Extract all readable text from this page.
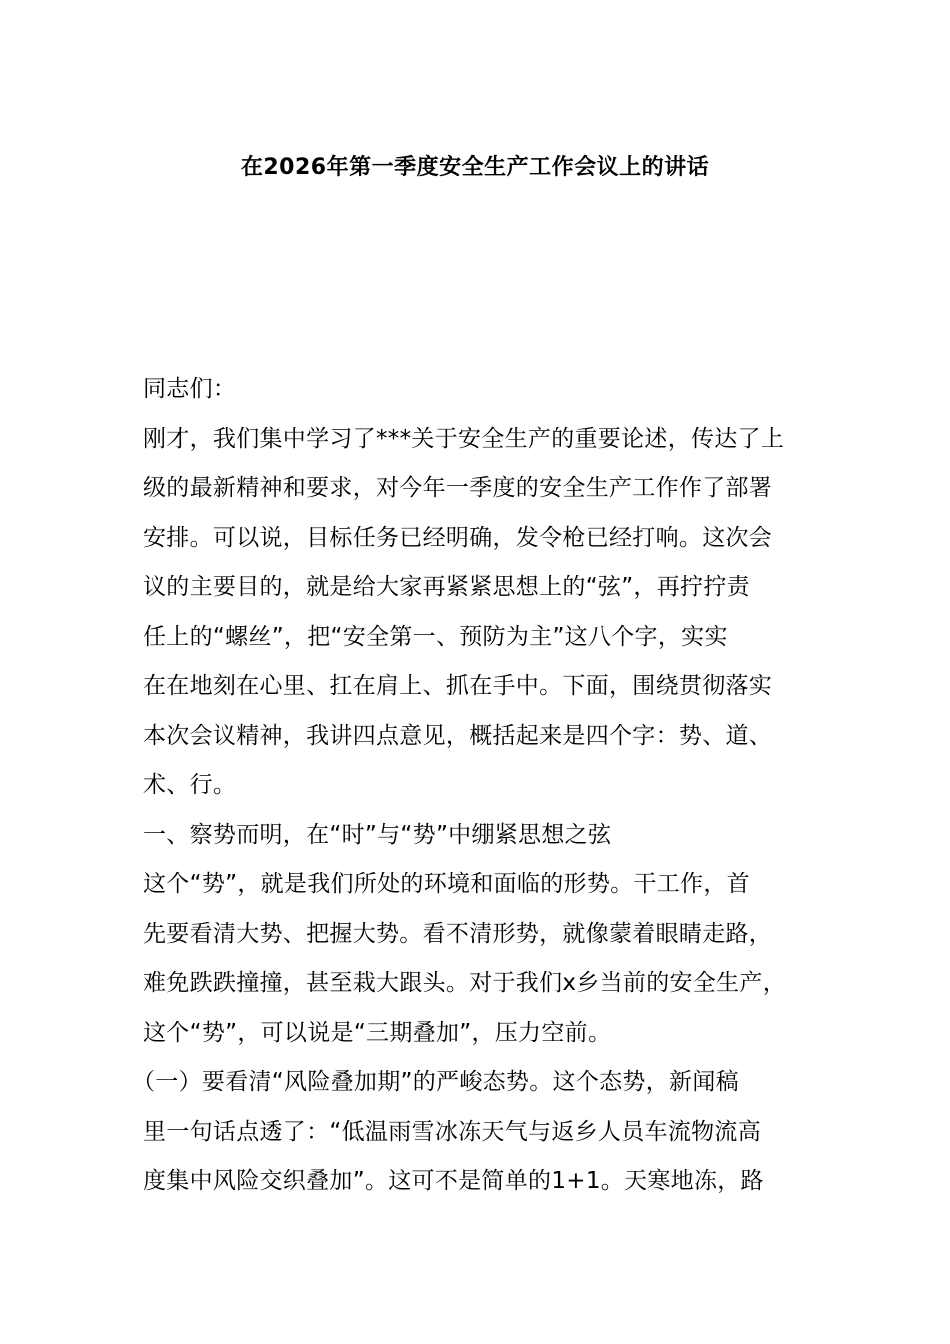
在2026年第一季度安全生产工作会议上的讲话
同志们：
刚才，我们集中学习了***关于安全生产的重要论述，传达了上
级的最新精神和要求，对今年一季度的安全生产工作作了部署
安排。可以说，目标任务已经明确，发令枪已经打响。这次会
议的主要目的，就是给大家再紧紧思想上的“弦”，再拧拧责
任上的“螺丝”，把“安全第一、预防为主”这八个字，实实
在在地刻在心里、扛在肩上、抓在手中。下面，围绕贯彻落实
本次会议精神，我讲四点意见，概括起来是四个字：势、道、
术、行。
一、察势而明，在“时”与“势”中绷紧思想之弦
这个“势”，就是我们所处的环境和面临的形势。干工作，首
先要看清大势、把握大势。看不清形势，就像蒙着眼睛走路，
难免跌跌撞撞，甚至栽大跟头。对于我们x乡当前的安全生产，
这个“势”，可以说是“三期叠加”，压力空前。
（一）要看清“风险叠加期”的严峻态势。这个态势，新闻稿
里一句话点透了：“低温雨雪冰冻天气与返乡人员车流物流高
度集中风险交织叠加”。这可不是简单的1+1。天寒地冻，路
